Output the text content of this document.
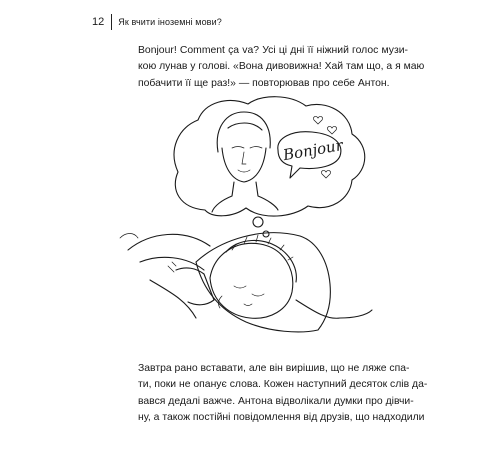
12 Як вчити іноземні мови?

Bonjour! Comment ça va? Усі ці дні її ніжний голос музи-
кою лунав у голові. «Вона дивовижна! Хай там що, а я маю
побачити її ще раз!» — повторював про себе Антон.

Bonjour

Завтра рано вставати, але він вирішив, що не ляже спа-
ти, поки не опанує слова. Кожен наступний десяток слів да-
вався дедалі важче. Антона відволікали думки про дівчи-
ну, а також постійні повідомлення від друзів, що надходили
